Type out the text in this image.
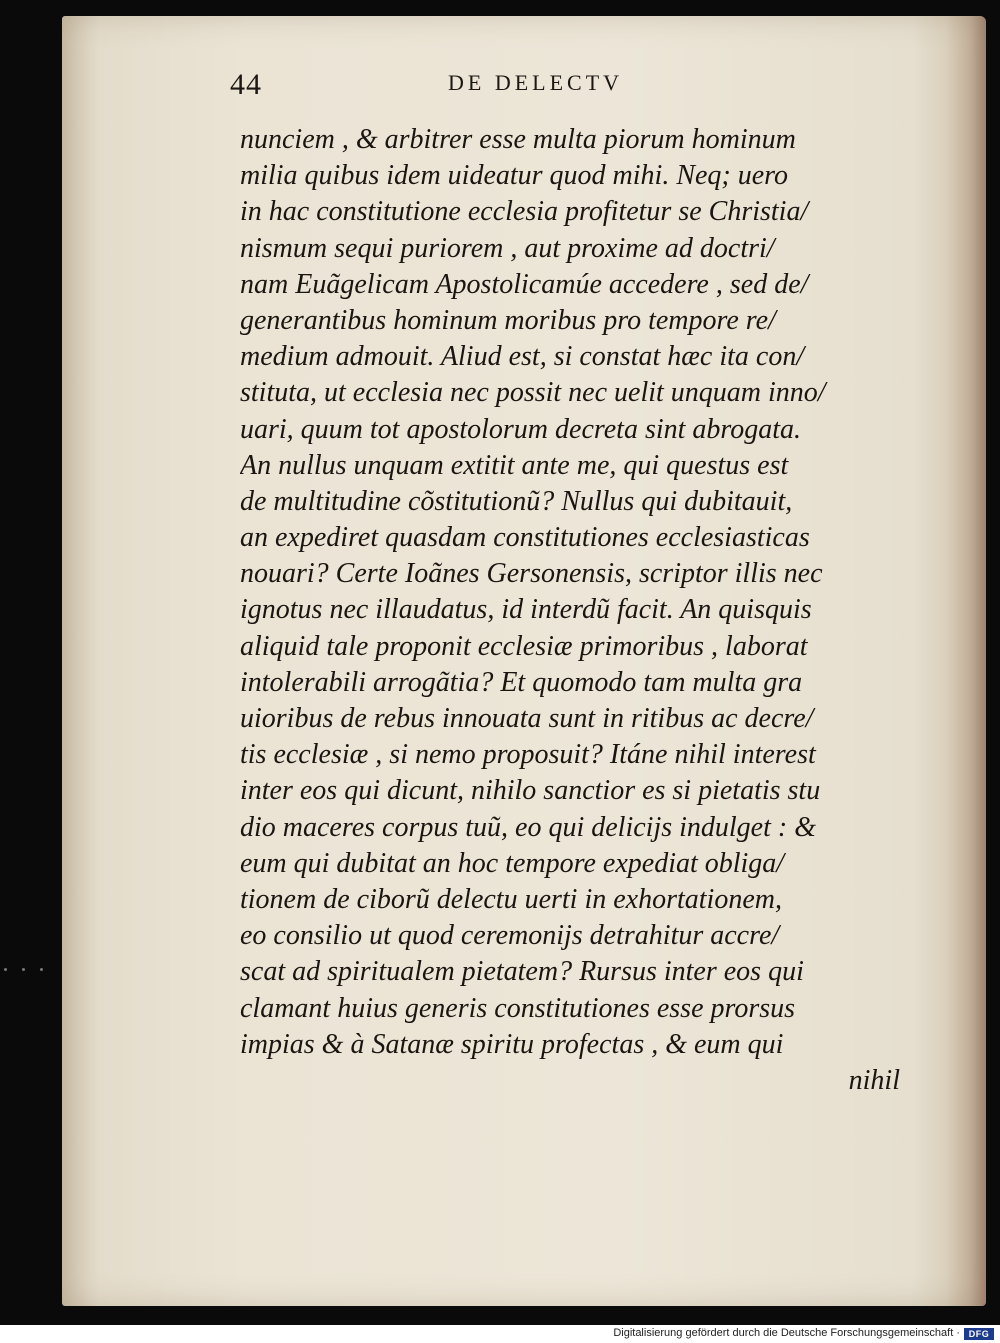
44	DE DELECTV
nunciem , & arbitrer esse multa piorum hominum
milia quibus idem uideatur quod mihi. Neq; uero
in hac constitutione ecclesia profitetur se Christia/
nismum sequi puriorem , aut proxime ad doctri/
nam Euãgelicam Apostolicamúe accedere , sed de/
generantibus hominum moribus pro tempore re/
medium admouit. Aliud est, si constat hæc ita con/
stituta, ut ecclesia nec possit nec uelit unquam inno/
uari, quum tot apostolorum decreta sint abrogata.
An nullus unquam extitit ante me, qui questus est
de multitudine cõstitutionũ? Nullus qui dubitauit,
an expediret quasdam constitutiones ecclesiasticas
nouari? Certe Ioãnes Gersonensis, scriptor illis nec
ignotus nec illaudatus, id interdũ facit. An quisquis
aliquid tale proponit ecclesiæ primoribus , laborat
intolerabili arrogãtia? Et quomodo tam multa gra
uioribus de rebus innouata sunt in ritibus ac decre/
tis ecclesiæ , si nemo proposuit? Itáne nihil interest
inter eos qui dicunt, nihilo sanctior es si pietatis stu
dio maceres corpus tuũ, eo qui delicijs indulget : &
eum qui dubitat an hoc tempore expediat obliga/
tionem de ciborũ delectu uerti in exhortationem,
eo consilio ut quod ceremonijs detrahitur accre/
scat ad spiritualem pietatem? Rursus inter eos qui
clamant huius generis constitutiones esse prorsus
impias & à Satanæ spiritu profectas , & eum qui
nihil
Digitalisierung gefördert durch die Deutsche Forschungsgemeinschaft · DFG
